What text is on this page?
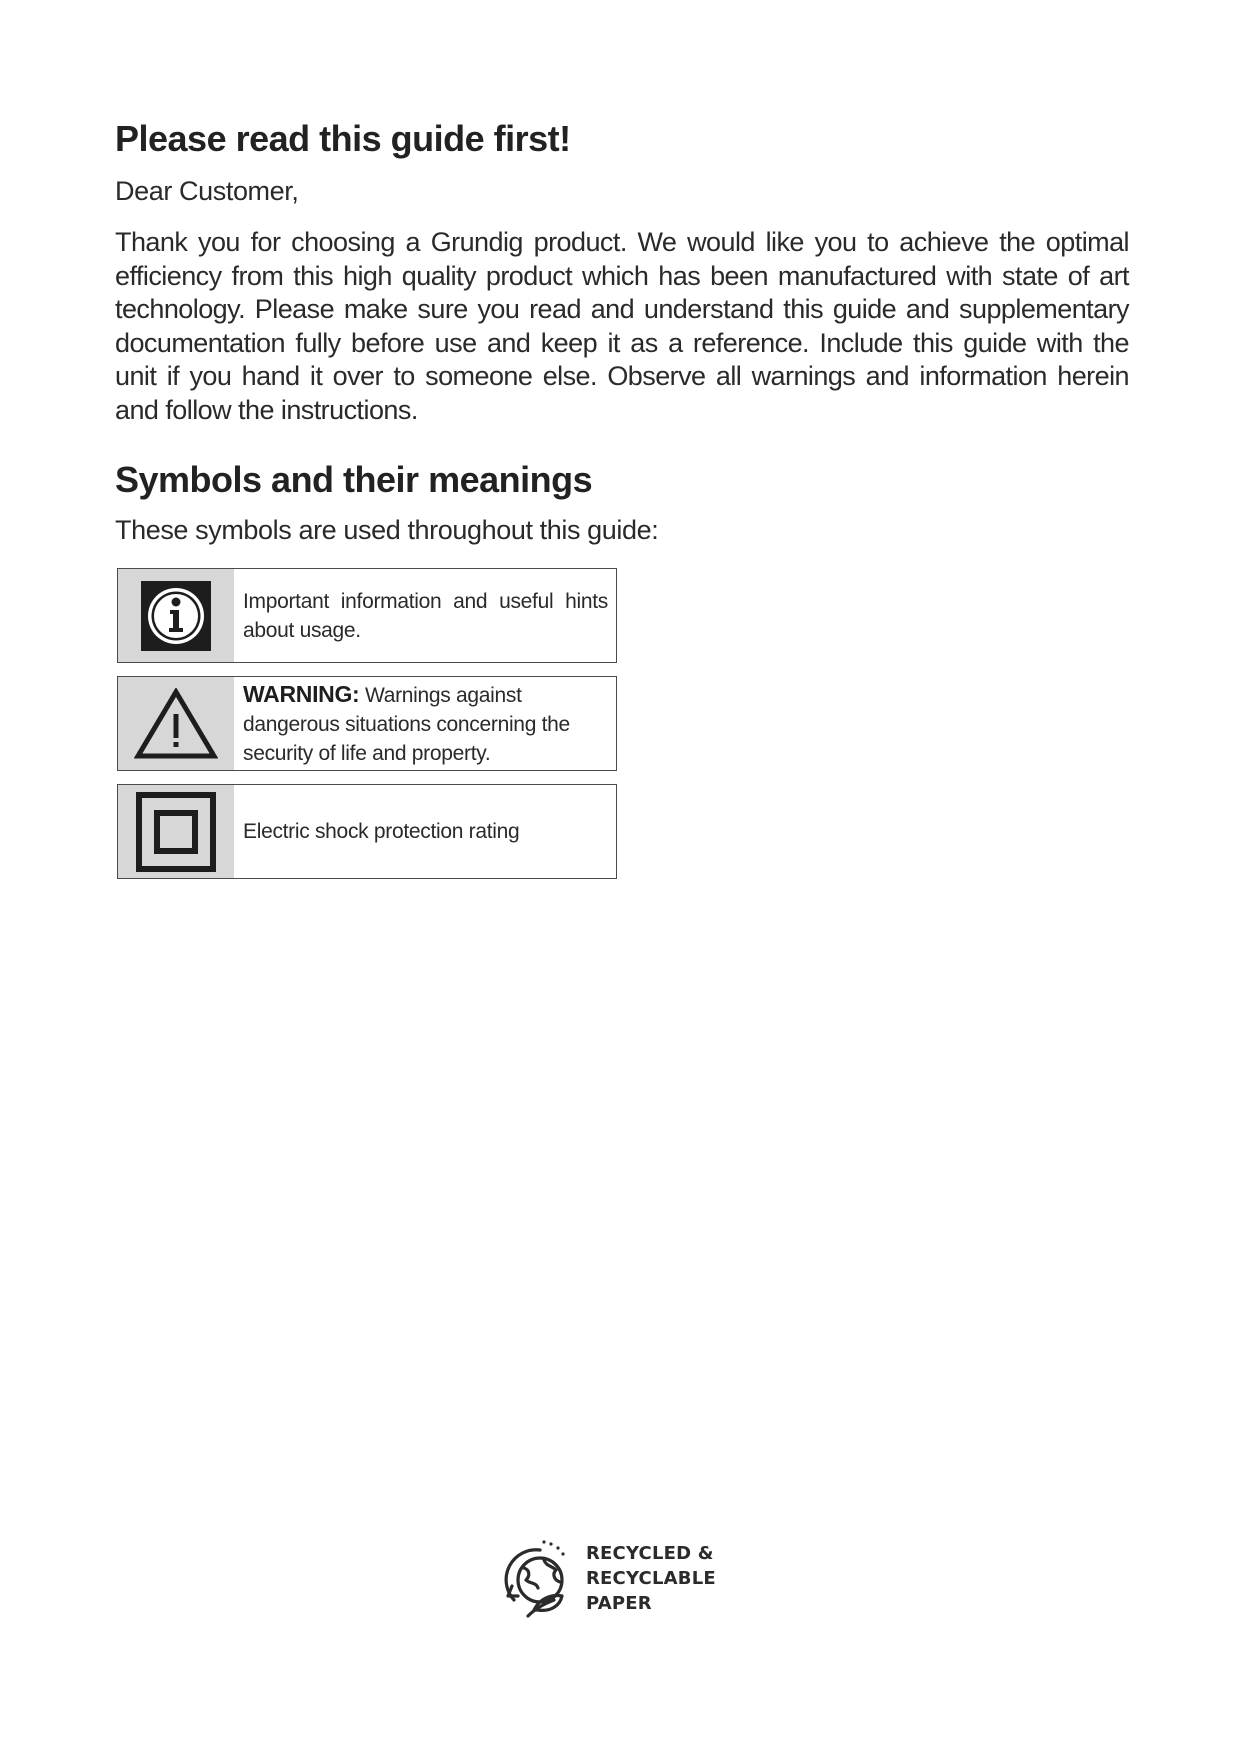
Please read this guide first!

Dear Customer,

Thank you for choosing a Grundig product. We would like you to achieve the optimal efficiency from this high quality product which has been manufactured with state of art technology. Please make sure you read and understand this guide and supplementary documentation fully before use and keep it as a reference. Include this guide with the unit if you hand it over to someone else. Observe all warnings and information herein and follow the instructions.

Symbols and their meanings

These symbols are used throughout this guide:

Important information and useful hints about usage.
WARNING: Warnings against dangerous situations concerning the security of life and property.
Electric shock protection rating
RECYCLED &
RECYCLABLE
PAPER
